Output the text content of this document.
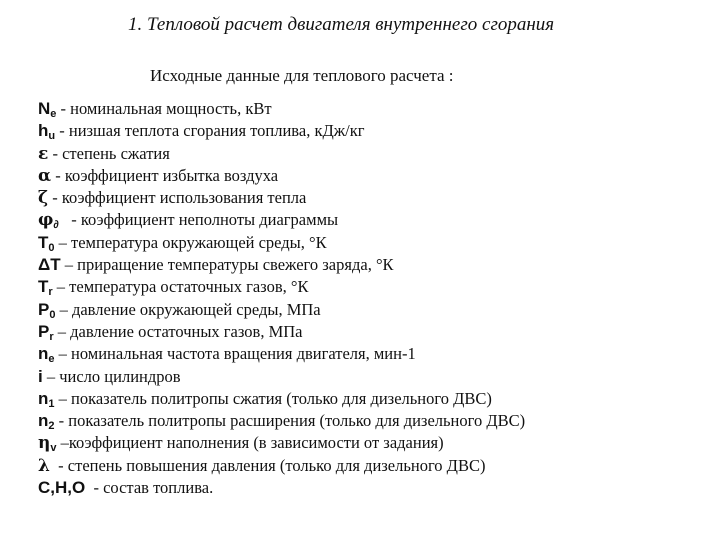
1. Тепловой расчет двигателя внутреннего сгорания
Исходные данные для теплового расчета :
$N_e$ - номинальная мощность, кВт
$h_u$ - низшая теплота сгорания топлива, кДж/кг
ε - степень сжатия
α - коэффициент избытка воздуха
ζ - коэффициент использования тепла
$\varphi_\partial$   - коэффициент неполноты диаграммы
$T_0$ – температура окружающей среды, °К
ΔT – приращение температуры свежего заряда, °К
$T_r$ – температура остаточных газов, °К
$P_0$ – давление окружающей среды, МПа
$P_r$ – давление остаточных газов, МПа
$n_e$ – номинальная частота вращения двигателя, мин-1
i – число цилиндров
$n_1$ – показатель политропы сжатия (только для дизельного ДВС)
$n_2$ - показатель политропы расширения (только для дизельного ДВС)
$\eta_v$ –коэффициент наполнения (в зависимости от задания)
λ  - степень повышения давления (только для дизельного ДВС)
C,H,O  - состав топлива.
